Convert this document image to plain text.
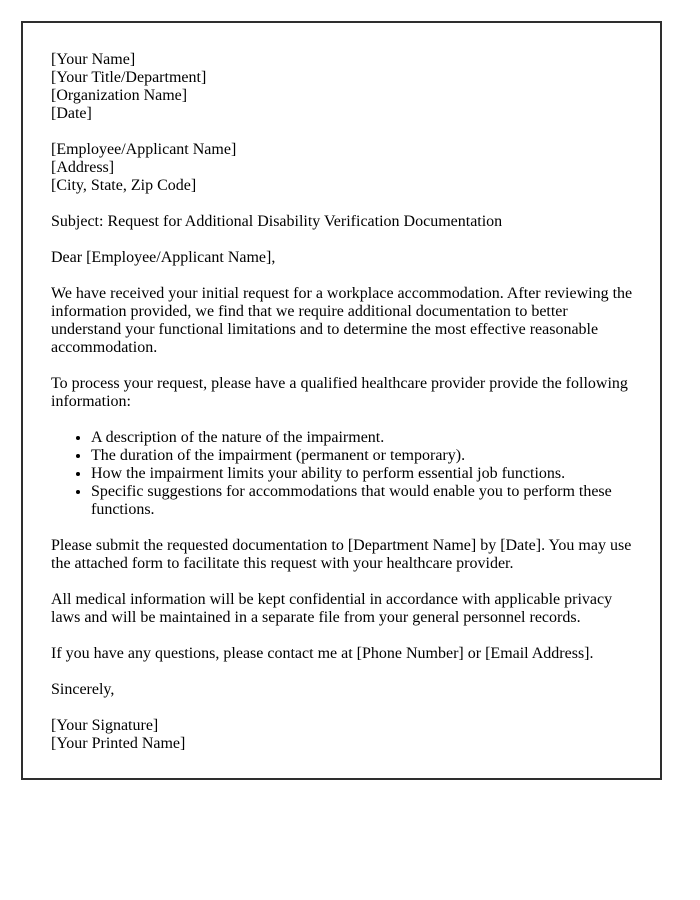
[Your Name]
[Your Title/Department]
[Organization Name]
[Date]
[Employee/Applicant Name]
[Address]
[City, State, Zip Code]

Subject: Request for Additional Disability Verification Documentation

Dear [Employee/Applicant Name],

We have received your initial request for a workplace accommodation. After reviewing the information provided, we find that we require additional documentation to better understand your functional limitations and to determine the most effective reasonable accommodation.

To process your request, please have a qualified healthcare provider provide the following information:

• A description of the nature of the impairment.
• The duration of the impairment (permanent or temporary).
• How the impairment limits your ability to perform essential job functions.
• Specific suggestions for accommodations that would enable you to perform these functions.

Please submit the requested documentation to [Department Name] by [Date]. You may use the attached form to facilitate this request with your healthcare provider.

All medical information will be kept confidential in accordance with applicable privacy laws and will be maintained in a separate file from your general personnel records.

If you have any questions, please contact me at [Phone Number] or [Email Address].

Sincerely,

[Your Signature]
[Your Printed Name]
